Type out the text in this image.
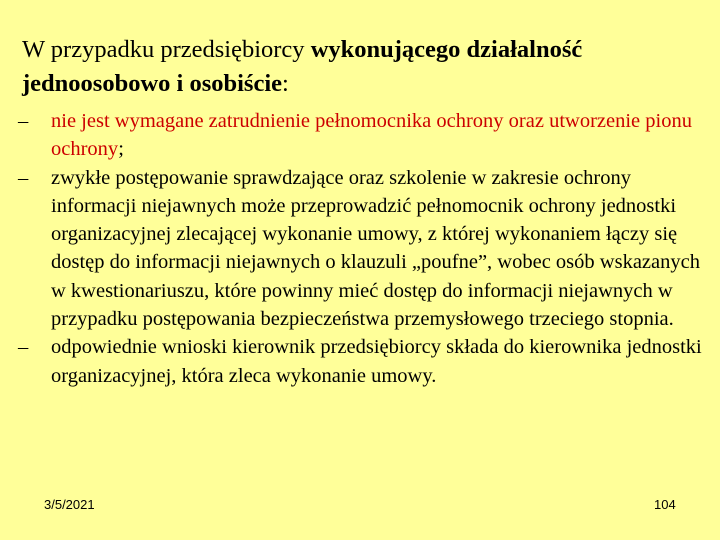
W przypadku przedsiębiorcy wykonującego działalność jednoosobowo i osobiście:
– nie jest wymagane zatrudnienie pełnomocnika ochrony oraz utworzenie pionu ochrony;
– zwykłe postępowanie sprawdzające oraz szkolenie w zakresie ochrony informacji niejawnych może przeprowadzić pełnomocnik ochrony jednostki organizacyjnej zlecającej wykonanie umowy, z której wykonaniem łączy się dostęp do informacji niejawnych o klauzuli „poufne”, wobec osób wskazanych w kwestionariuszu, które powinny mieć dostęp do informacji niejawnych w przypadku postępowania bezpieczeństwa przemysłowego trzeciego stopnia.
– odpowiednie wnioski kierownik przedsiębiorcy składa do kierownika jednostki organizacyjnej, która zleca wykonanie umowy.
3/5/2021	104
